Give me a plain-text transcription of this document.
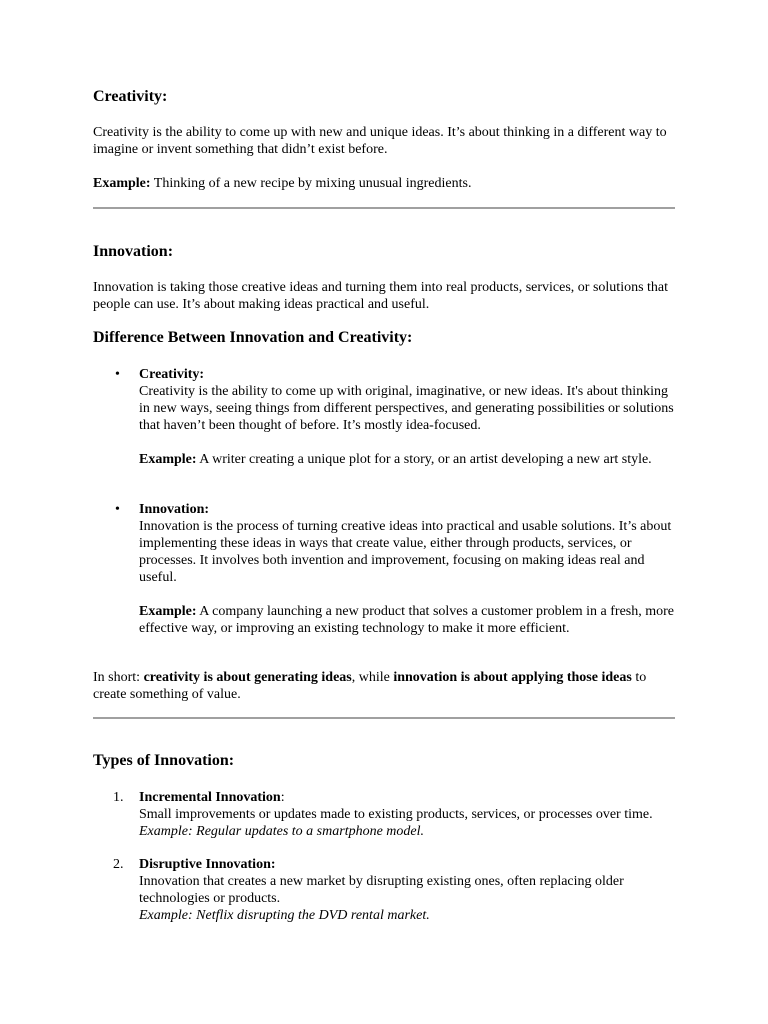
Creativity:

Creativity is the ability to come up with new and unique ideas. It’s about thinking in a different way to imagine or invent something that didn’t exist before.

Example: Thinking of a new recipe by mixing unusual ingredients.

Innovation:

Innovation is taking those creative ideas and turning them into real products, services, or solutions that people can use. It’s about making ideas practical and useful.

Difference Between Innovation and Creativity:
• Creativity:
Creativity is the ability to come up with original, imaginative, or new ideas. It's about thinking in new ways, seeing things from different perspectives, and generating possibilities or solutions that haven’t been thought of before. It’s mostly idea-focused.
Example: A writer creating a unique plot for a story, or an artist developing a new art style.
• Innovation:
Innovation is the process of turning creative ideas into practical and usable solutions. It’s about implementing these ideas in ways that create value, either through products, services, or processes. It involves both invention and improvement, focusing on making ideas real and useful.
Example: A company launching a new product that solves a customer problem in a fresh, more effective way, or improving an existing technology to make it more efficient.

In short: creativity is about generating ideas, while innovation is about applying those ideas to create something of value.

Types of Innovation:
1. Incremental Innovation:
Small improvements or updates made to existing products, services, or processes over time.
Example: Regular updates to a smartphone model.
2. Disruptive Innovation:
Innovation that creates a new market by disrupting existing ones, often replacing older technologies or products.
Example: Netflix disrupting the DVD rental market.
